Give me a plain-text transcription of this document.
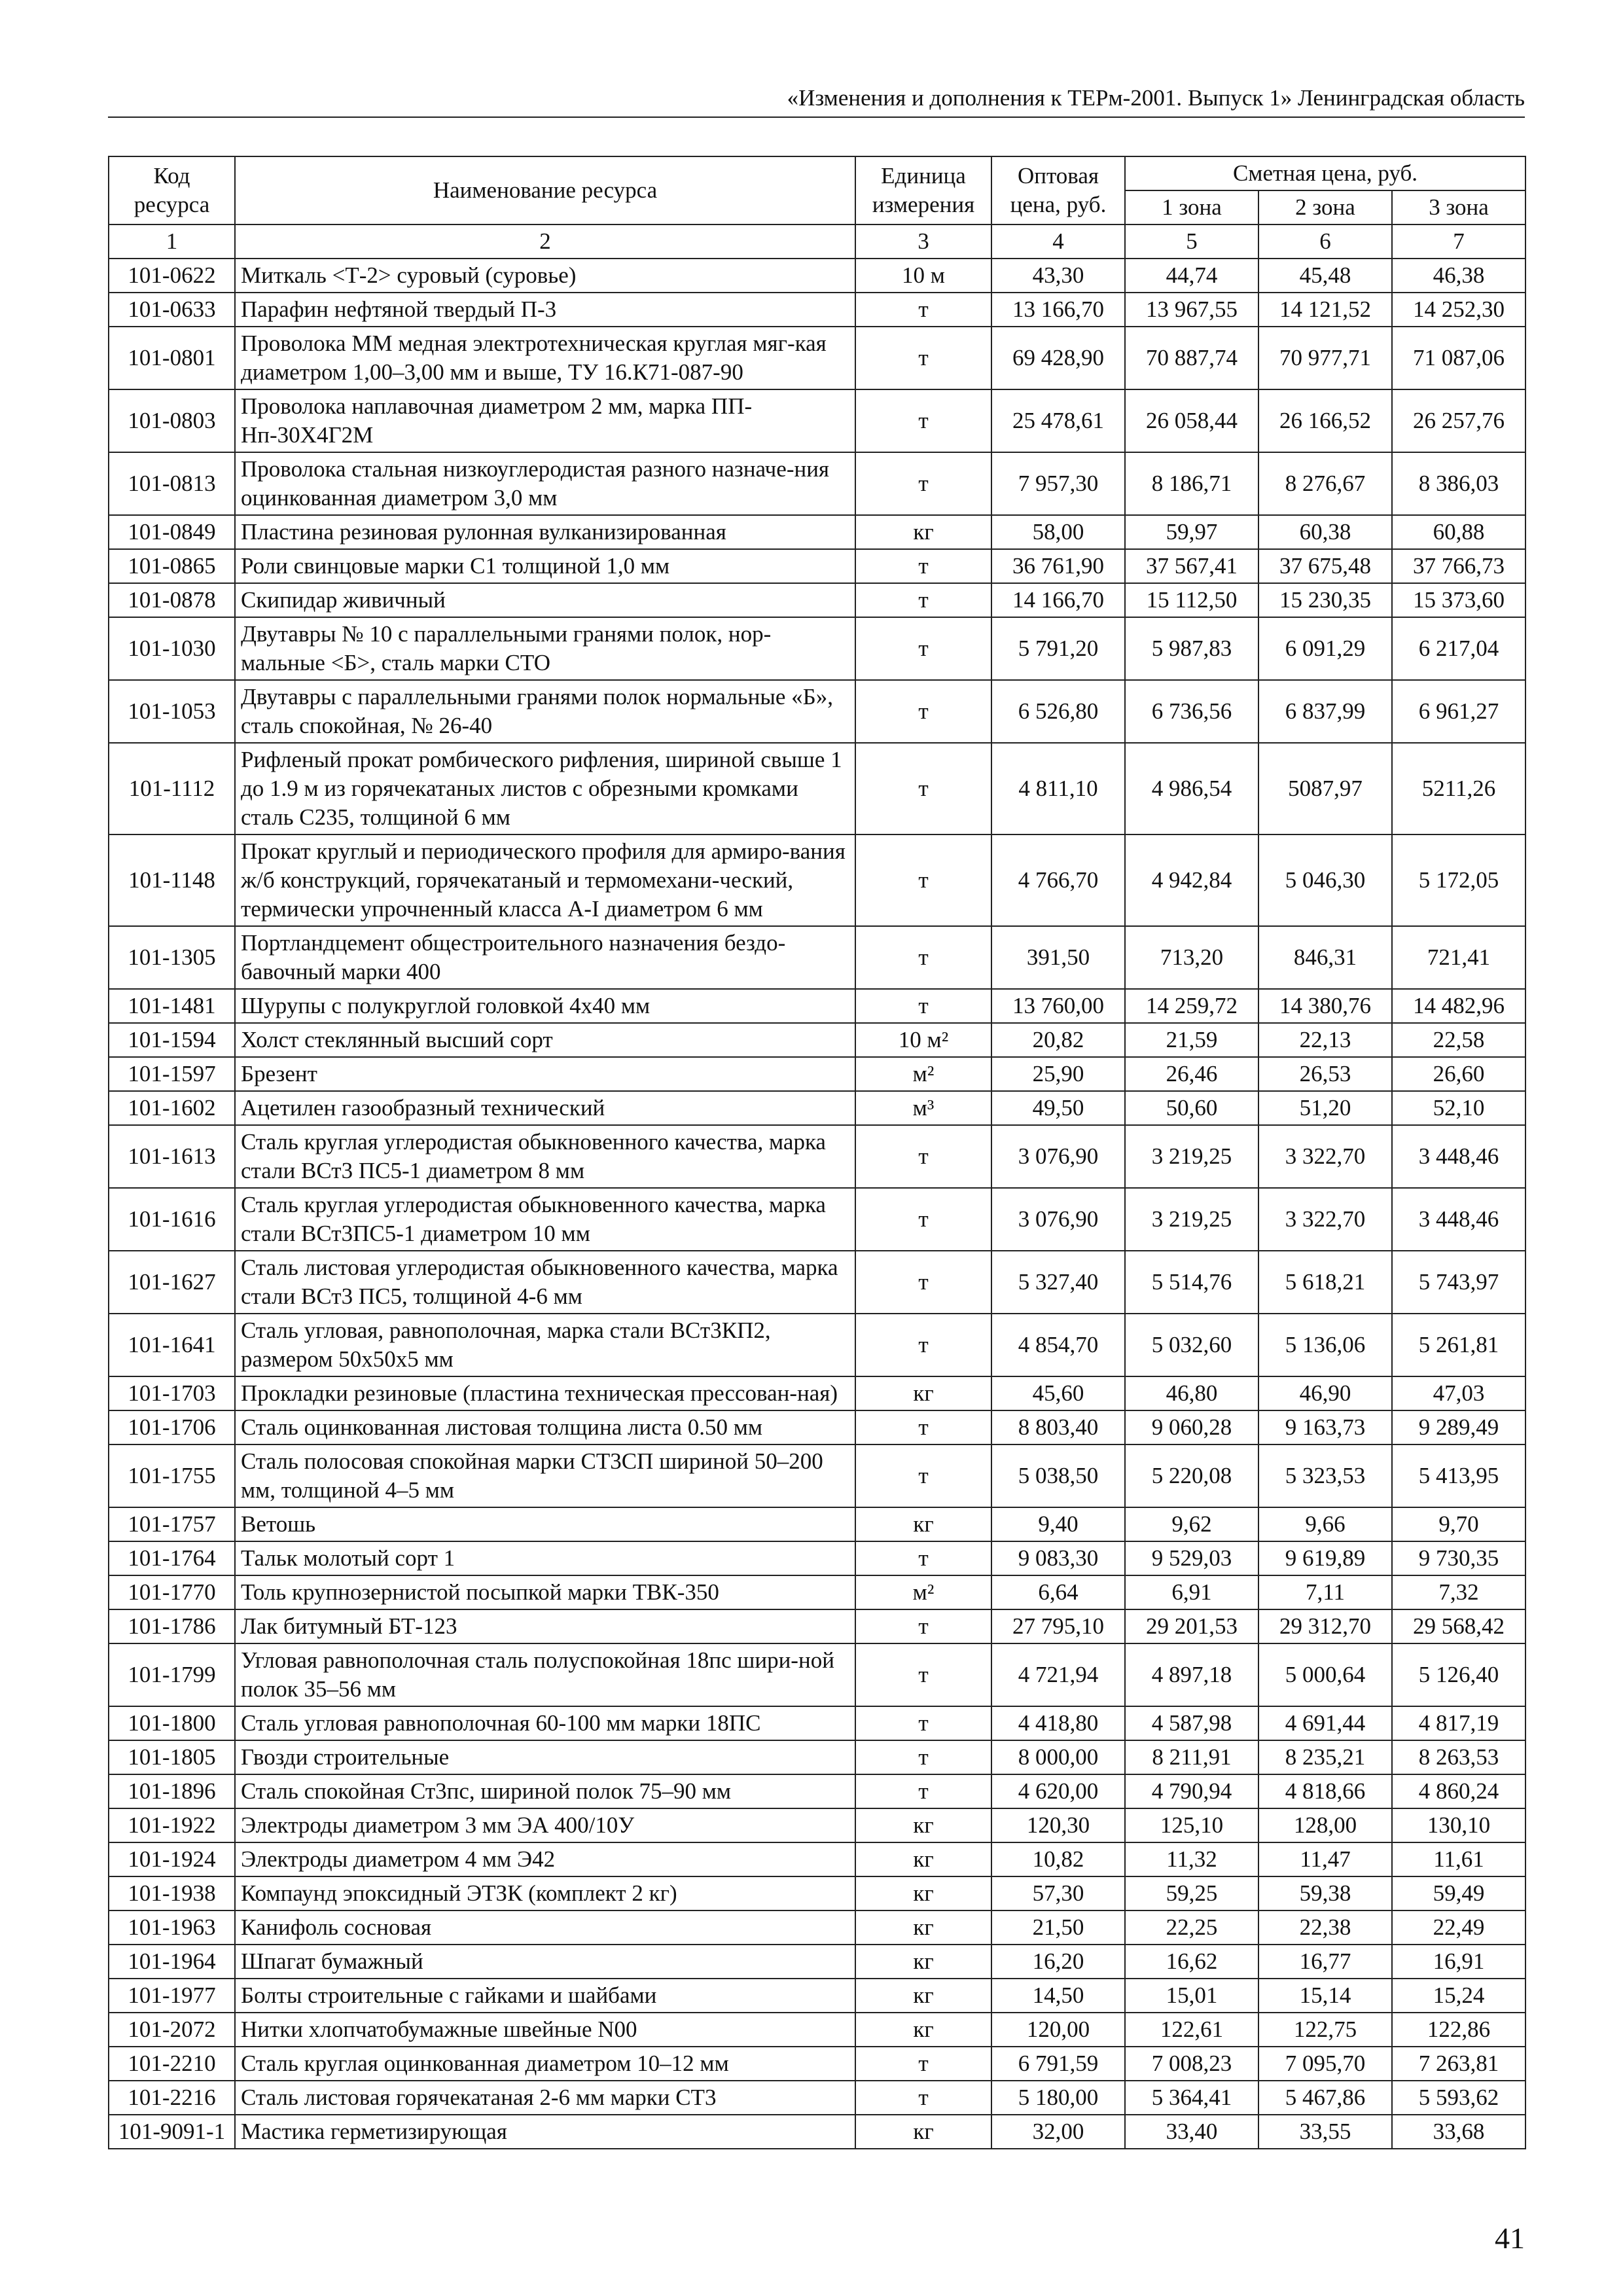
«Изменения и дополнения к ТЕРм-2001. Выпуск 1» Ленинградская область
Код ресурса	Наименование ресурса	Единица измерения	Оптовая цена, руб.	Сметная цена, руб.		
				1 зона	2 зона	3 зона
1	2	3	4	5	6	7
101-0622	Миткаль <Т-2> суровый (суровье)	10 м	43,30	44,74	45,48	46,38
101-0633	Парафин нефтяной твердый П-3	т	13 166,70	13 967,55	14 121,52	14 252,30
101-0801	Проволока ММ медная электротехническая круглая мяг-кая диаметром 1,00–3,00 мм и выше, ТУ 16.К71-087-90	т	69 428,90	70 887,74	70 977,71	71 087,06
101-0803	Проволока наплавочная диаметром 2 мм, марка ПП-Нп-30Х4Г2М	т	25 478,61	26 058,44	26 166,52	26 257,76
101-0813	Проволока стальная низкоуглеродистая разного назначе-ния оцинкованная диаметром 3,0 мм	т	7 957,30	8 186,71	8 276,67	8 386,03
101-0849	Пластина резиновая рулонная вулканизированная	кг	58,00	59,97	60,38	60,88
101-0865	Роли свинцовые марки С1 толщиной 1,0 мм	т	36 761,90	37 567,41	37 675,48	37 766,73
101-0878	Скипидар живичный	т	14 166,70	15 112,50	15 230,35	15 373,60
101-1030	Двутавры № 10 с параллельными гранями полок, нор-мальные <Б>, сталь марки СТО	т	5 791,20	5 987,83	6 091,29	6 217,04
101-1053	Двутавры с параллельными гранями полок нормальные «Б», сталь спокойная, № 26-40	т	6 526,80	6 736,56	6 837,99	6 961,27
101-1112	Рифленый прокат ромбического рифления, шириной свыше 1 до 1.9 м из горячекатаных листов с обрезными кромками сталь С235, толщиной 6 мм	т	4 811,10	4 986,54	5087,97	5211,26
101-1148	Прокат круглый и периодического профиля для армиро-вания ж/б конструкций, горячекатаный и термомехани-ческий, термически упрочненный класса А-I диаметром 6 мм	т	4 766,70	4 942,84	5 046,30	5 172,05
101-1305	Портландцемент общестроительного назначения бездо-бавочный марки 400	т	391,50	713,20	846,31	721,41
101-1481	Шурупы с полукруглой головкой 4х40 мм	т	13 760,00	14 259,72	14 380,76	14 482,96
101-1594	Холст стеклянный высший сорт	10 м²	20,82	21,59	22,13	22,58
101-1597	Брезент	м²	25,90	26,46	26,53	26,60
101-1602	Ацетилен газообразный технический	м³	49,50	50,60	51,20	52,10
101-1613	Сталь круглая углеродистая обыкновенного качества, марка стали ВСт3 ПС5-1 диаметром 8 мм	т	3 076,90	3 219,25	3 322,70	3 448,46
101-1616	Сталь круглая углеродистая обыкновенного качества, марка стали ВСт3ПС5-1 диаметром 10 мм	т	3 076,90	3 219,25	3 322,70	3 448,46
101-1627	Сталь листовая углеродистая обыкновенного качества, марка стали ВСт3 ПС5, толщиной 4-6 мм	т	5 327,40	5 514,76	5 618,21	5 743,97
101-1641	Сталь угловая, равнополочная, марка стали ВСт3КП2, размером 50х50х5 мм	т	4 854,70	5 032,60	5 136,06	5 261,81
101-1703	Прокладки резиновые (пластина техническая прессован-ная)	кг	45,60	46,80	46,90	47,03
101-1706	Сталь оцинкованная листовая толщина листа 0.50 мм	т	8 803,40	9 060,28	9 163,73	9 289,49
101-1755	Сталь полосовая спокойная марки СТ3СП шириной 50–200 мм, толщиной 4–5 мм	т	5 038,50	5 220,08	5 323,53	5 413,95
101-1757	Ветошь	кг	9,40	9,62	9,66	9,70
101-1764	Тальк молотый сорт 1	т	9 083,30	9 529,03	9 619,89	9 730,35
101-1770	Толь крупнозернистой посыпкой марки ТВК-350	м²	6,64	6,91	7,11	7,32
101-1786	Лак битумный БТ-123	т	27 795,10	29 201,53	29 312,70	29 568,42
101-1799	Угловая равнополочная сталь полуспокойная 18пс шири-ной полок 35–56 мм	т	4 721,94	4 897,18	5 000,64	5 126,40
101-1800	Сталь угловая равнополочная 60-100 мм марки 18ПС	т	4 418,80	4 587,98	4 691,44	4 817,19
101-1805	Гвозди строительные	т	8 000,00	8 211,91	8 235,21	8 263,53
101-1896	Сталь спокойная Ст3пс, шириной полок 75–90 мм	т	4 620,00	4 790,94	4 818,66	4 860,24
101-1922	Электроды диаметром 3 мм ЭА 400/10У	кг	120,30	125,10	128,00	130,10
101-1924	Электроды диаметром 4 мм Э42	кг	10,82	11,32	11,47	11,61
101-1938	Компаунд эпоксидный ЭТЗК (комплект 2 кг)	кг	57,30	59,25	59,38	59,49
101-1963	Канифоль сосновая	кг	21,50	22,25	22,38	22,49
101-1964	Шпагат бумажный	кг	16,20	16,62	16,77	16,91
101-1977	Болты строительные с гайками и шайбами	кг	14,50	15,01	15,14	15,24
101-2072	Нитки хлопчатобумажные швейные N00	кг	120,00	122,61	122,75	122,86
101-2210	Сталь круглая оцинкованная диаметром 10–12 мм	т	6 791,59	7 008,23	7 095,70	7 263,81
101-2216	Сталь листовая горячекатаная 2-6 мм марки СТ3	т	5 180,00	5 364,41	5 467,86	5 593,62
101-9091-1	Мастика герметизирующая	кг	32,00	33,40	33,55	33,68
41
